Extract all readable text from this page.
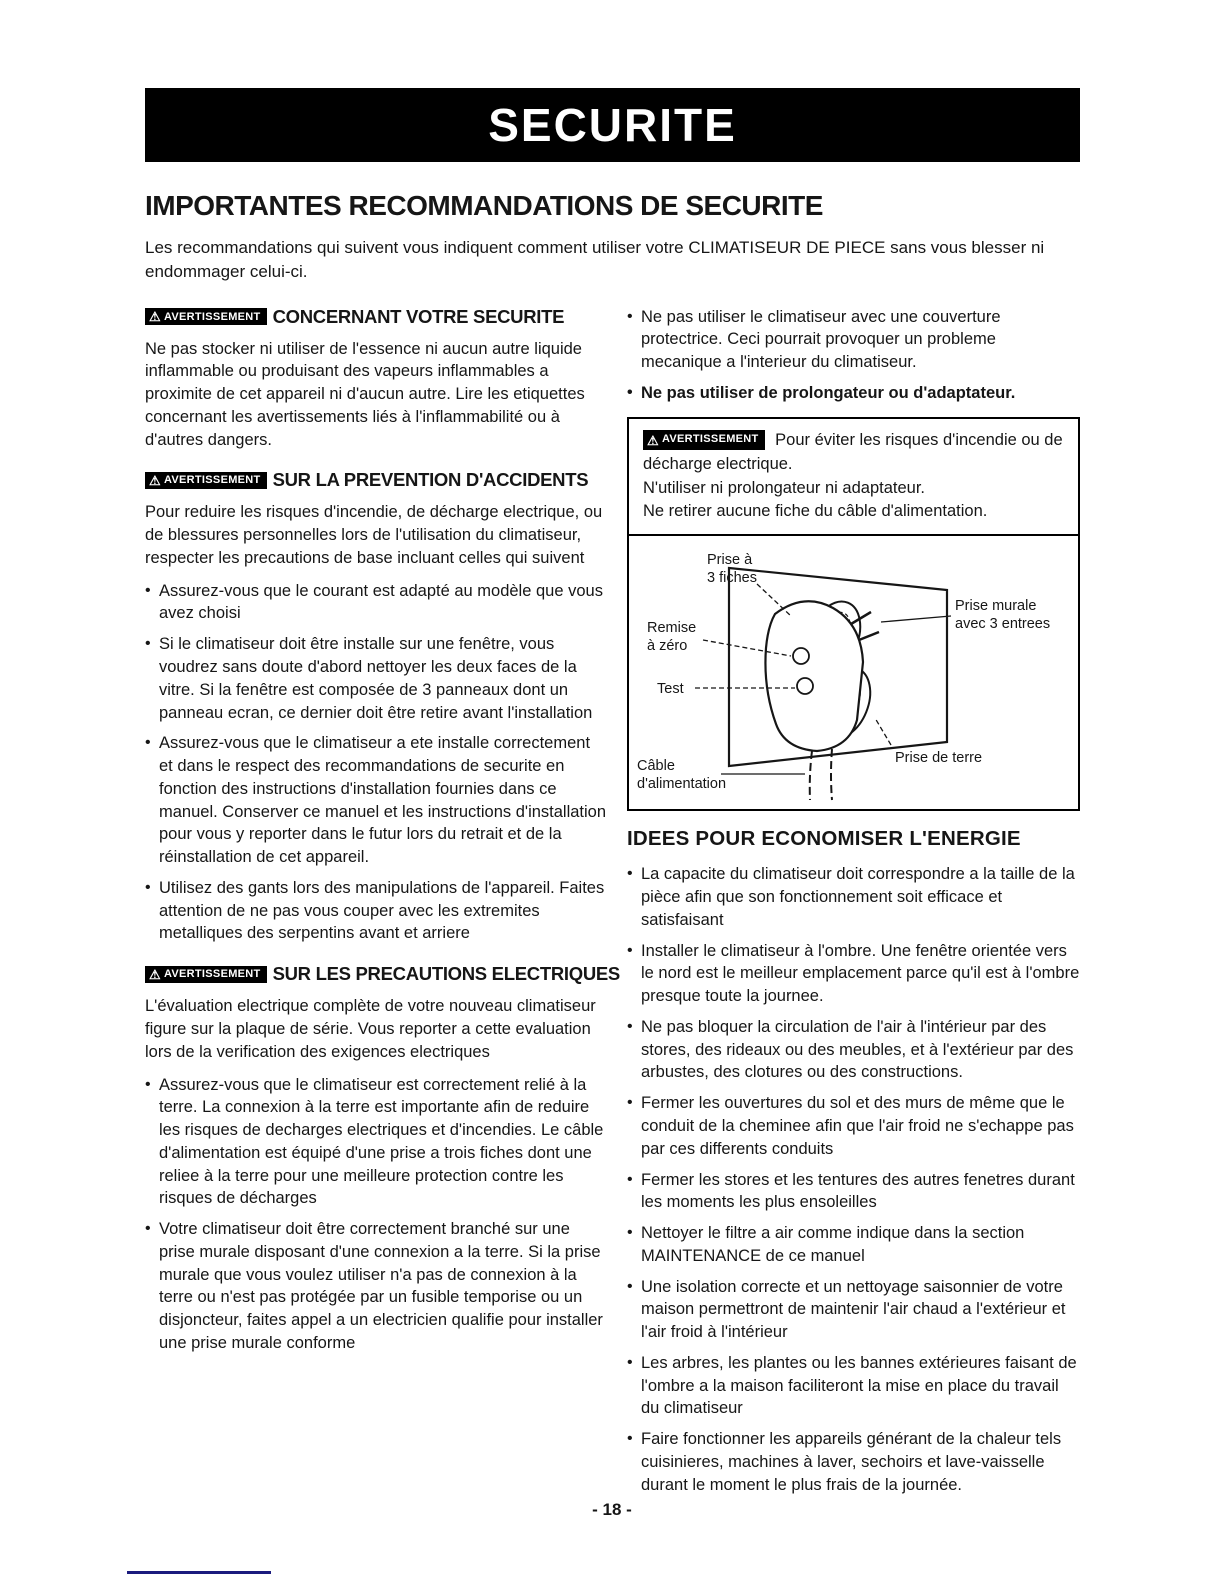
SECURITE
IMPORTANTES RECOMMANDATIONS DE SECURITE

Les recommandations qui suivent vous indiquent comment utiliser votre CLIMATISEUR DE PIECE sans vous blesser ni endommager celui-ci.

⚠ AVERTISSEMENT CONCERNANT VOTRE SECURITE

Ne pas stocker ni utiliser de l'essence ni aucun autre liquide inflammable ou produisant des vapeurs inflammables a proximite de cet appareil ni d'aucun autre. Lire les etiquettes concernant les avertissements liés à l'inflammabilité ou à d'autres dangers.

⚠ AVERTISSEMENT SUR LA PREVENTION D'ACCIDENTS

Pour reduire les risques d'incendie, de décharge electrique, ou de blessures personnelles lors de l'utilisation du climatiseur, respecter les precautions de base incluant celles qui suivent

• Assurez-vous que le courant est adapté au modèle que vous avez choisi
• Si le climatiseur doit être installe sur une fenêtre, vous voudrez sans doute d'abord nettoyer les deux faces de la vitre. Si la fenêtre est composée de 3 panneaux dont un panneau ecran, ce dernier doit être retire avant l'installation
• Assurez-vous que le climatiseur a ete installe correctement et dans le respect des recommandations de securite en fonction des instructions d'installation fournies dans ce manuel. Conserver ce manuel et les instructions d'installation pour vous y reporter dans le futur lors du retrait et de la réinstallation de cet appareil.
• Utilisez des gants lors des manipulations de l'appareil. Faites attention de ne pas vous couper avec les extremites metalliques des serpentins avant et arriere
⚠ AVERTISSEMENT SUR LES PRECAUTIONS ELECTRIQUES

L'évaluation electrique complète de votre nouveau climatiseur figure sur la plaque de série. Vous reporter a cette evaluation lors de la verification des exigences electriques

• Assurez-vous que le climatiseur est correctement relié à la terre. La connexion à la terre est importante afin de reduire les risques de decharges electriques et d'incendies. Le câble d'alimentation est équipé d'une prise a trois fiches dont une reliee à la terre pour une meilleure protection contre les risques de décharges
• Votre climatiseur doit être correctement branché sur une prise murale disposant d'une connexion a la terre. Si la prise murale que vous voulez utiliser n'a pas de connexion à la terre ou n'est pas protégée par un fusible temporise ou un disjoncteur, faites appel a un electricien qualifie pour installer une prise murale conforme
• Ne pas utiliser le climatiseur avec une couverture protectrice. Ceci pourrait provoquer un probleme mecanique a l'interieur du climatiseur.
• Ne pas utiliser de prolongateur ou d'adaptateur.

⚠ AVERTISSEMENT Pour éviter les risques d'incendie ou de décharge electrique.

N'utiliser ni prolongateur ni adaptateur.

Ne retirer aucune fiche du câble d'alimentation.

Prise à
3 fiches
Remise
à zéro
Test
Câble
d'alimentation
Prise murale
avec 3 entrees
Prise de terre
IDEES POUR ECONOMISER L'ENERGIE
• La capacite du climatiseur doit correspondre a la taille de la pièce afin que son fonctionnement soit efficace et satisfaisant
• Installer le climatiseur à l'ombre. Une fenêtre orientée vers le nord est le meilleur emplacement parce qu'il est à l'ombre presque toute la journee.
• Ne pas bloquer la circulation de l'air à l'intérieur par des stores, des rideaux ou des meubles, et à l'extérieur par des arbustes, des clotures ou des constructions.
• Fermer les ouvertures du sol et des murs de même que le conduit de la cheminee afin que l'air froid ne s'echappe pas par ces differents conduits
• Fermer les stores et les tentures des autres fenetres durant les moments les plus ensoleilles
• Nettoyer le filtre a air comme indique dans la section MAINTENANCE de ce manuel
• Une isolation correcte et un nettoyage saisonnier de votre maison permettront de maintenir l'air chaud a l'extérieur et l'air froid à l'intérieur
• Les arbres, les plantes ou les bannes extérieures faisant de l'ombre a la maison faciliteront la mise en place du travail du climatiseur
• Faire fonctionner les appareils générant de la chaleur tels cuisinieres, machines à laver, sechoirs et lave-vaisselle durant le moment le plus frais de la journée.
- 18 -
